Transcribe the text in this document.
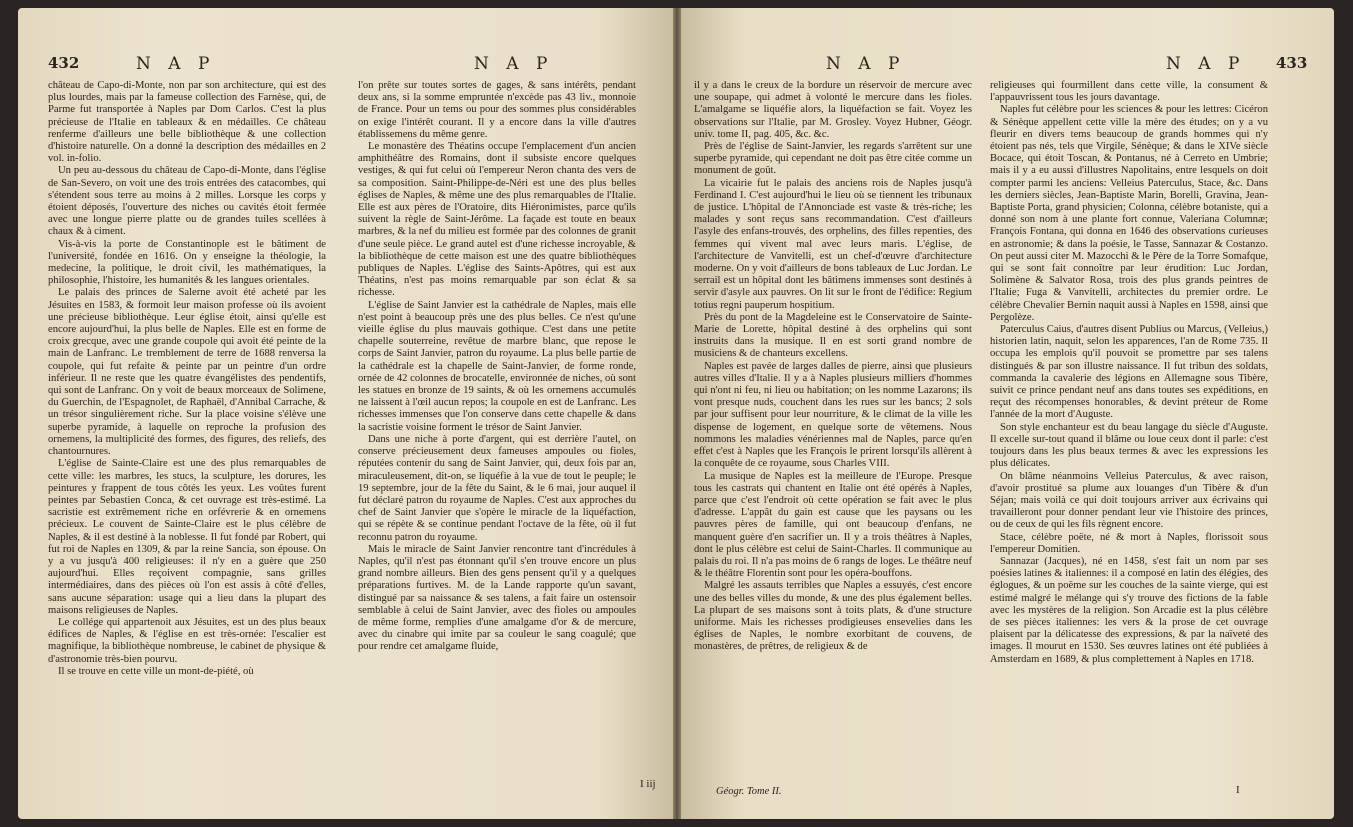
432	N A P	N A P

château de Capo-di-Monte, non par son architecture, qui est des plus lourdes, mais par la fameuse collection des Farnèse, qui, de Parme fut transportée à Naples par Dom Carlos. C'est la plus précieuse de l'Italie en tableaux & en médailles. Ce château renferme d'ailleurs une belle bibliothèque & une collection d'histoire naturelle. On a donné la description des médailles en 2 vol. in-folio.

Un peu au-dessous du château de Capo-di-Monte, dans l'église de San-Severo, on voit une des trois entrées des catacombes, qui s'étendent sous terre au moins à 2 milles. Lorsque les corps y étoient déposés, l'ouverture des niches ou cavités étoit fermée avec une longue pierre platte ou de grandes tuiles scellées à chaux & à ciment.

Vis-à-vis la porte de Constantinople est le bâtiment de l'université, fondée en 1616. On y enseigne la théologie, la medecine, la politique, le droit civil, les mathématiques, la philosophie, l'histoire, les humanités & les langues orientales.

Le palais des princes de Salerne avoit été acheté par les Jésuites en 1583, & formoit leur maison professe où ils avoient une précieuse bibliothèque. Leur église étoit, ainsi qu'elle est encore aujourd'hui, la plus belle de Naples. Elle est en forme de croix grecque, avec une grande coupole qui avoit été peinte de la main de Lanfranc. Le tremblement de terre de 1688 renversa la coupole, qui fut refaite & peinte par un peintre d'un ordre inférieur. Il ne reste que les quatre évangélistes des pendentifs, qui sont de Lanfranc. On y voit de beaux morceaux de Solimene, du Guerchin, de l'Espagnolet, de Raphaël, d'Annibal Carrache, & un trésor singulièrement riche. Sur la place voisine s'élève une superbe pyramide, à laquelle on reproche la profusion des ornemens, la multiplicité des formes, des figures, des reliefs, des chantournures.

L'église de Sainte-Claire est une des plus remarquables de cette ville: les marbres, les stucs, la sculpture, les dorures, les peintures y frappent de tous côtés les yeux. Les voûtes furent peintes par Sebastien Conca, & cet ouvrage est très-estimé. La sacristie est extrêmement riche en orfévrerie & en ornemens précieux. Le couvent de Sainte-Claire est le plus célèbre de Naples, & il est destiné à la noblesse. Il fut fondé par Robert, qui fut roi de Naples en 1309, & par la reine Sancia, son épouse. On y a vu jusqu'à 400 religieuses: il n'y en a guère que 250 aujourd'hui. Elles reçoivent compagnie, sans grilles intermédiaires, dans des pièces où l'on est assis à côté d'elles, sans aucune séparation: usage qui a lieu dans la plupart des maisons religieuses de Naples.

Le collége qui appartenoit aux Jésuites, est un des plus beaux édifices de Naples, & l'église en est très-ornée: l'escalier est magnifique, la bibliothèque nombreuse, le cabinet de physique & d'astronomie très-bien pourvu.

Il se trouve en cette ville un mont-de-piété, où

l'on prête sur toutes sortes de gages, & sans intérêts, pendant deux ans, si la somme empruntée n'excède pas 43 liv., monnoie de France. Pour un tems ou pour des sommes plus considérables on exige l'intérêt courant. Il y a encore dans la ville d'autres établissemens du même genre.

Le monastère des Théatins occupe l'emplacement d'un ancien amphithéâtre des Romains, dont il subsiste encore quelques vestiges, & qui fut celui où l'empereur Neron chanta des vers de sa composition. Saint-Philippe-de-Néri est une des plus belles églises de Naples, & même une des plus remarquables de l'Italie. Elle est aux pères de l'Oratoire, dits Hiéronimistes, parce qu'ils suivent la règle de Saint-Jérôme. La façade est toute en beaux marbres, & la nef du milieu est formée par des colonnes de granit d'une seule pièce. Le grand autel est d'une richesse incroyable, & la bibliothèque de cette maison est une des quatre bibliothèques publiques de Naples. L'église des Saints-Apôtres, qui est aux Théatins, n'est pas moins remarquable par son éclat & sa richesse.

L'église de Saint Janvier est la cathédrale de Naples, mais elle n'est point à beaucoup près une des plus belles. Ce n'est qu'une vieille église du plus mauvais gothique. C'est dans une petite chapelle souterreine, revêtue de marbre blanc, que repose le corps de Saint Janvier, patron du royaume. La plus belle partie de la cathédrale est la chapelle de Saint-Janvier, de forme ronde, ornée de 42 colonnes de brocatelle, environnée de niches, où sont les statues en bronze de 19 saints, & où les ornemens accumulés ne laissent à l'œil aucun repos; la coupole en est de Lanfranc. Les richesses immenses que l'on conserve dans cette chapelle & dans la sacristie voisine forment le trésor de Saint Janvier.

Dans une niche à porte d'argent, qui est derrière l'autel, on conserve précieusement deux fameuses ampoules ou fioles, réputées contenir du sang de Saint Janvier, qui, deux fois par an, miraculeusement, dit-on, se liquéfie à la vue de tout le peuple; le 19 septembre, jour de la fête du Saint, & le 6 mai, jour auquel il fut déclaré patron du royaume de Naples. C'est aux approches du chef de Saint Janvier que s'opère le miracle de la liquéfaction, qui se répète & se continue pendant l'octave de la fête, où il fut reconnu patron du royaume.

Mais le miracle de Saint Janvier rencontre tant d'incrédules à Naples, qu'il n'est pas étonnant qu'il s'en trouve encore un plus grand nombre ailleurs. Bien des gens pensent qu'il y a quelques préparations furtives. M. de la Lande rapporte qu'un savant, distingué par sa naissance & ses talens, a fait faire un ostensoir semblable à celui de Saint Janvier, avec des fioles ou ampoules de même forme, remplies d'une amalgame d'or & de mercure, avec du cinabre qui imite par sa couleur le sang coagulé; que pour rendre cet amalgame fluide,

I iij
N A P	N A P 433

il y a dans le creux de la bordure un réservoir de mercure avec une soupape, qui admet à volonté le mercure dans les fioles. L'amalgame se liquéfie alors, la liquéfaction se fait. Voyez les observations sur l'Italie, par M. Grosley. Voyez Hubner, Géogr. univ. tome II, pag. 405, &c. &c.

Près de l'église de Saint-Janvier, les regards s'arrêtent sur une superbe pyramide, qui cependant ne doit pas être citée comme un monument de goût.

La vicairie fut le palais des anciens rois de Naples jusqu'à Ferdinand I. C'est aujourd'hui le lieu où se tiennent les tribunaux de justice. L'hôpital de l'Annonciade est vaste & très-riche; les malades y sont reçus sans recommandation. C'est d'ailleurs l'asyle des enfans-trouvés, des orphelins, des filles repenties, des femmes qui vivent mal avec leurs maris. L'église, de l'architecture de Vanvitelli, est un chef-d'œuvre d'architecture moderne. On y voit d'ailleurs de bons tableaux de Luc Jordan. Le serrail est un hôpital dont les bâtimens immenses sont destinés à servir d'asyle aux pauvres. On lit sur le front de l'édifice: Regium totius regni pauperum hospitium.

Près du pont de la Magdeleine est le Conservatoire de Sainte-Marie de Lorette, hôpital destiné à des orphelins qui sont instruits dans la musique. Il en est sorti grand nombre de musiciens & de chanteurs excellens.

Naples est pavée de larges dalles de pierre, ainsi que plusieurs autres villes d'Italie. Il y a à Naples plusieurs milliers d'hommes qui n'ont ni feu, ni lieu ou habitation; on les nomme Lazarons; ils vont presque nuds, couchent dans les rues sur les bancs; 2 sols par jour suffisent pour leur nourriture, & le climat de la ville les dispense de logement, en quelque sorte de vêtemens. Nous nommons les maladies vénériennes mal de Naples, parce qu'en effet c'est à Naples que les François le prirent lorsqu'ils allèrent à la conquête de ce royaume, sous Charles VIII.

La musique de Naples est la meilleure de l'Europe. Presque tous les castrats qui chantent en Italie ont été opérés à Naples, parce que c'est l'endroit où cette opération se fait avec le plus d'adresse. L'appât du gain est cause que les paysans ou les pauvres pères de famille, qui ont beaucoup d'enfans, ne manquent guère d'en sacrifier un. Il y a trois théâtres à Naples, dont le plus célèbre est celui de Saint-Charles. Il communique au palais du roi. Il n'a pas moins de 6 rangs de loges. Le théâtre neuf & le théâtre Florentin sont pour les opéra-bouffons.

Malgré les assauts terribles que Naples a essuyés, c'est encore une des belles villes du monde, & une des plus également belles. La plupart de ses maisons sont à toits plats, & d'une structure uniforme. Mais les richesses prodigieuses ensevelies dans les églises de Naples, le nombre exorbitant de couvens, de monastères, de prêtres, de religieux & de

religieuses qui fourmillent dans cette ville, la consument & l'appauvrissent tous les jours davantage.

Naples fut célèbre pour les sciences & pour les lettres: Cicéron & Sénèque appellent cette ville la mère des études; on y a vu fleurir en divers tems beaucoup de grands hommes qui n'y étoient pas nés, tels que Virgile, Sénèque; & dans le XIVe siècle Bocace, qui étoit Toscan, & Pontanus, né à Cerreto en Umbrie; mais il y a eu aussi d'illustres Napolitains, entre lesquels on doit compter parmi les anciens: Velleius Paterculus, Stace, &c. Dans les derniers siècles, Jean-Baptiste Marin, Borelli, Gravina, Jean-Baptiste Porta, grand physicien; Colonna, célèbre botaniste, qui a donné son nom à une plante fort connue, Valeriana Columnæ; François Fontana, qui donna en 1646 des observations curieuses en astronomie; & dans la poésie, le Tasse, Sannazar & Costanzo. On peut aussi citer M. Mazocchi & le Père de la Torre Somafque, qui se sont fait connoître par leur érudition: Luc Jordan, Solimène & Salvator Rosa, trois des plus grands peintres de l'Italie; Fuga & Vanvitelli, architectes du premier ordre. Le célèbre Chevalier Bernin naquit aussi à Naples en 1598, ainsi que Pergolèze.

Paterculus Caius, d'autres disent Publius ou Marcus, (Velleius,) historien latin, naquit, selon les apparences, l'an de Rome 735. Il occupa les emplois qu'il pouvoit se promettre par ses talens distingués & par son illustre naissance. Il fut tribun des soldats, commanda la cavalerie des légions en Allemagne sous Tibère, suivit ce prince pendant neuf ans dans toutes ses expéditions, en reçut des récompenses honorables, & devint préteur de Rome l'année de la mort d'Auguste.

Son style enchanteur est du beau langage du siècle d'Auguste. Il excelle sur-tout quand il blâme ou loue ceux dont il parle: c'est toujours dans les plus beaux termes & avec les expressions les plus délicates.

On blâme néanmoins Velleius Paterculus, & avec raison, d'avoir prostitué sa plume aux louanges d'un Tibère & d'un Séjan; mais voilà ce qui doit toujours arriver aux écrivains qui travailleront pour donner pendant leur vie l'histoire des princes, ou de ceux de qui les fils règnent encore.

Stace, célèbre poëte, né & mort à Naples, florissoit sous l'empereur Domitien.

Sannazar (Jacques), né en 1458, s'est fait un nom par ses poésies latines & italiennes: il a composé en latin des élégies, des églogues, & un poëme sur les couches de la sainte vierge, qui est estimé malgré le mélange qui s'y trouve des fictions de la fable avec les mystères de la religion. Son Arcadie est la plus célèbre de ses pièces italiennes: les vers & la prose de cet ouvrage plaisent par la délicatesse des expressions, & par la naïveté des images. Il mourut en 1530. Ses œuvres latines ont été publiées à Amsterdam en 1689, & plus complettement à Naples en 1718.

Géogr. Tome II.	I
